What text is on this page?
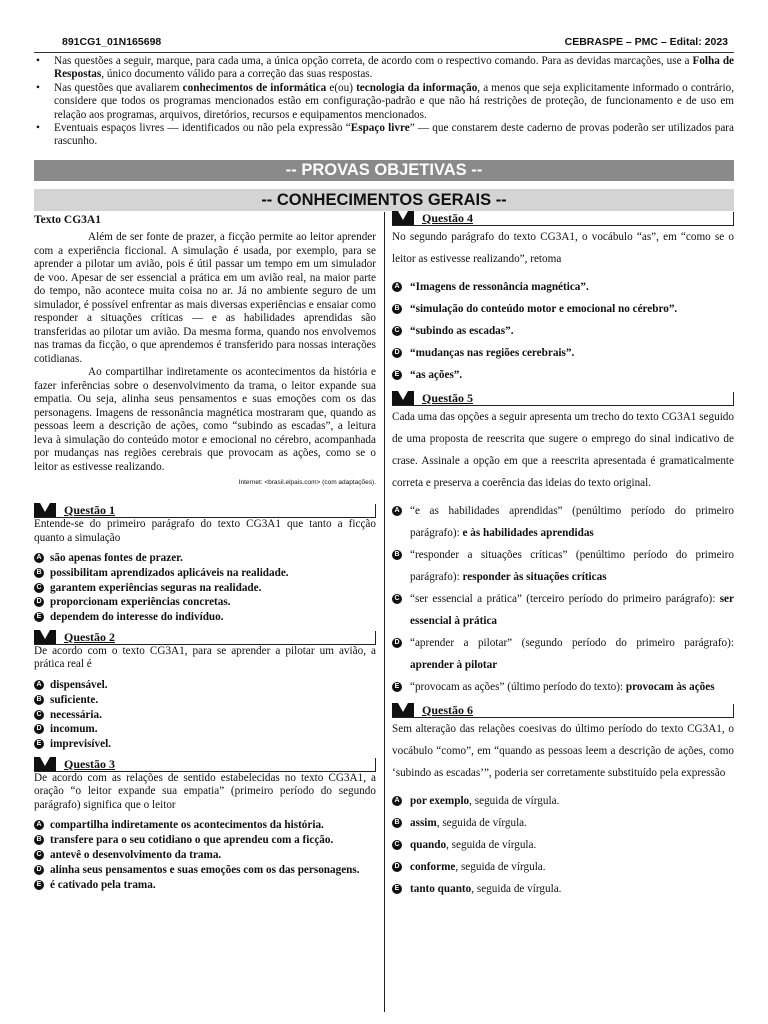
891CG1_01N165698	CEBRASPE – PMC – Edital: 2023
• Nas questões a seguir, marque, para cada uma, a única opção correta, de acordo com o respectivo comando. Para as devidas marcações, use a Folha de Respostas, único documento válido para a correção das suas respostas.
• Nas questões que avaliarem conhecimentos de informática e(ou) tecnologia da informação, a menos que seja explicitamente informado o contrário, considere que todos os programas mencionados estão em configuração-padrão e que não há restrições de proteção, de funcionamento e de uso em relação aos programas, arquivos, diretórios, recursos e equipamentos mencionados.
• Eventuais espaços livres — identificados ou não pela expressão “Espaço livre” — que constarem deste caderno de provas poderão ser utilizados para rascunho.
-- PROVAS OBJETIVAS --
-- CONHECIMENTOS GERAIS --
Texto CG3A1

Além de ser fonte de prazer, a ficção permite ao leitor aprender com a experiência ficcional. A simulação é usada, por exemplo, para se aprender a pilotar um avião, pois é útil passar um tempo em um simulador de voo. Apesar de ser essencial a prática em um avião real, na maior parte do tempo, não acontece muita coisa no ar. Já no ambiente seguro de um simulador, é possível enfrentar as mais diversas experiências e ensaiar como responder a situações críticas — e as habilidades aprendidas são transferidas ao pilotar um avião. Da mesma forma, quando nos envolvemos nas tramas da ficção, o que aprendemos é transferido para nossas interações cotidianas.

Ao compartilhar indiretamente os acontecimentos da história e fazer inferências sobre o desenvolvimento da trama, o leitor expande sua empatia. Ou seja, alinha seus pensamentos e suas emoções com os das personagens. Imagens de ressonância magnética mostraram que, quando as pessoas leem a descrição de ações, como “subindo as escadas”, a leitura leva à simulação do conteúdo motor e emocional no cérebro, acompanhada por mudanças nas regiões cerebrais que provocam as ações, como se o leitor as estivesse realizando.

Internet: <brasil.elpais.com> (com adaptações).
Questão 1

Entende-se do primeiro parágrafo do texto CG3A1 que tanto a ficção quanto a simulação

A são apenas fontes de prazer.
B possibilitam aprendizados aplicáveis na realidade.
C garantem experiências seguras na realidade.
D proporcionam experiências concretas.
E dependem do interesse do indivíduo.
Questão 2

De acordo com o texto CG3A1, para se aprender a pilotar um avião, a prática real é

A dispensável.
B suficiente.
C necessária.
D incomum.
E imprevisível.
Questão 3

De acordo com as relações de sentido estabelecidas no texto CG3A1, a oração “o leitor expande sua empatia” (primeiro período do segundo parágrafo) significa que o leitor

A compartilha indiretamente os acontecimentos da história.
B transfere para o seu cotidiano o que aprendeu com a ficção.
C antevê o desenvolvimento da trama.
D alinha seus pensamentos e suas emoções com os das personagens.
E é cativado pela trama.
Questão 4

No segundo parágrafo do texto CG3A1, o vocábulo “as”, em “como se o leitor as estivesse realizando”, retoma

A “Imagens de ressonância magnética”.
B “simulação do conteúdo motor e emocional no cérebro”.
C “subindo as escadas”.
D “mudanças nas regiões cerebrais”.
E “as ações”.
Questão 5

Cada uma das opções a seguir apresenta um trecho do texto CG3A1 seguido de uma proposta de reescrita que sugere o emprego do sinal indicativo de crase. Assinale a opção em que a reescrita apresentada é gramaticalmente correta e preserva a coerência das ideias do texto original.

A “e as habilidades aprendidas” (penúltimo período do primeiro parágrafo): e às habilidades aprendidas
B “responder a situações críticas” (penúltimo período do primeiro parágrafo): responder às situações críticas
C “ser essencial a prática” (terceiro período do primeiro parágrafo): ser essencial à prática
D “aprender a pilotar” (segundo período do primeiro parágrafo): aprender à pilotar
E “provocam as ações” (último período do texto): provocam às ações
Questão 6

Sem alteração das relações coesivas do último período do texto CG3A1, o vocábulo “como”, em “quando as pessoas leem a descrição de ações, como ‘subindo as escadas’”, poderia ser corretamente substituído pela expressão

A por exemplo, seguida de vírgula.
B assim, seguida de vírgula.
C quando, seguida de vírgula.
D conforme, seguida de vírgula.
E tanto quanto, seguida de vírgula.
